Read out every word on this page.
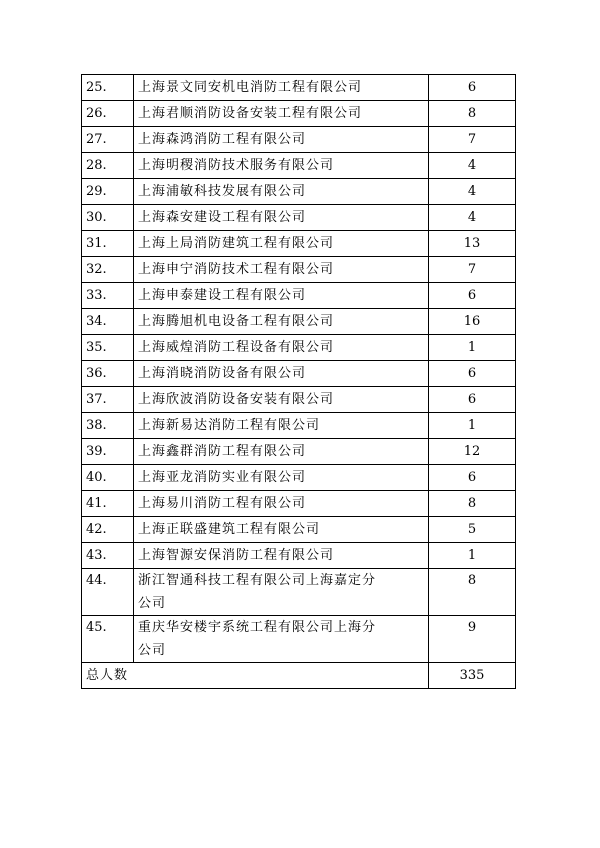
25.	上海景文同安机电消防工程有限公司	6
26.	上海君顺消防设备安装工程有限公司	8
27.	上海森鸿消防工程有限公司	7
28.	上海明稷消防技术服务有限公司	4
29.	上海浦敏科技发展有限公司	4
30.	上海森安建设工程有限公司	4
31.	上海上局消防建筑工程有限公司	13
32.	上海申宁消防技术工程有限公司	7
33.	上海申泰建设工程有限公司	6
34.	上海腾旭机电设备工程有限公司	16
35.	上海威煌消防工程设备有限公司	1
36.	上海消晓消防设备有限公司	6
37.	上海欣波消防设备安装有限公司	6
38.	上海新易达消防工程有限公司	1
39.	上海鑫群消防工程有限公司	12
40.	上海亚龙消防实业有限公司	6
41.	上海易川消防工程有限公司	8
42.	上海正联盛建筑工程有限公司	5
43.	上海智源安保消防工程有限公司	1
44.	浙江智通科技工程有限公司上海嘉定分
公司	8
45.	重庆华安楼宇系统工程有限公司上海分
公司	9
总人数		335
